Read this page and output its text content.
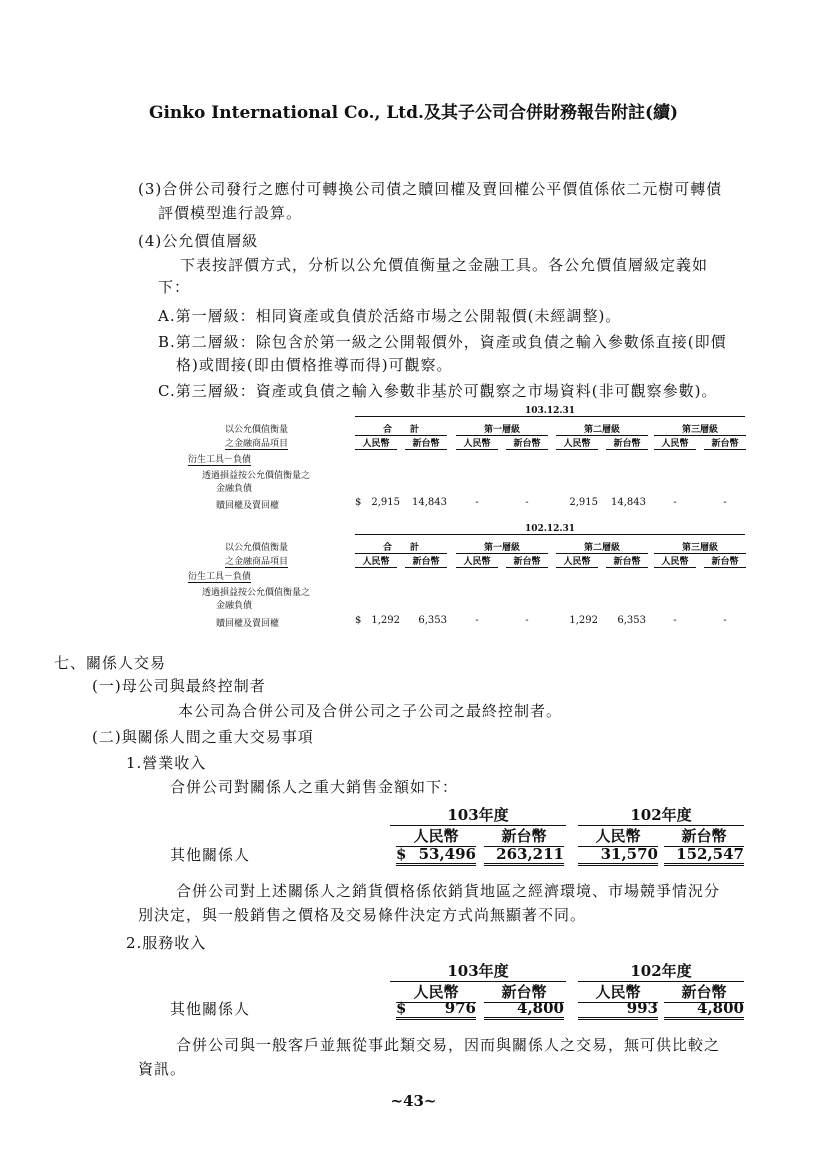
Ginko International Co., Ltd.及其子公司合併財務報告附註(續)
(3)合併公司發行之應付可轉換公司債之贖回權及賣回權公平價值係依二元樹可轉債
評價模型進行設算。
(4)公允價值層級
下表按評價方式，分析以公允價值衡量之金融工具。各公允價值層級定義如
下：
A.第一層級：相同資產或負債於活絡市場之公開報價(未經調整)。
B.第二層級：除包含於第一級之公開報價外，資產或負債之輸入參數係直接(即價
格)或間接(即由價格推導而得)可觀察。
C.第三層級：資產或負債之輸入參數非基於可觀察之市場資料(非可觀察參數)。
103.12.31
以公允價值衡量
之金融商品項目
合　　計	第一層級	第二層級	第三層級
人民幣	新台幣	人民幣	新台幣	人民幣	新台幣	人民幣	新台幣
衍生工具－負債
透過損益按公允價值衡量之
金融負債
贖回權及賣回權	$ 2,915	14,843	-	-	2,915	14,843	-	-
102.12.31
以公允價值衡量
之金融商品項目
合　　計	第一層級	第二層級	第三層級
人民幣	新台幣	人民幣	新台幣	人民幣	新台幣	人民幣	新台幣
衍生工具－負債
透過損益按公允價值衡量之
金融負債
贖回權及賣回權	$ 1,292	6,353	-	-	1,292	6,353	-	-
七、關係人交易
(一)母公司與最終控制者
本公司為合併公司及合併公司之子公司之最終控制者。
(二)與關係人間之重大交易事項
1.營業收入
合併公司對關係人之重大銷售金額如下：
103年度	102年度
人民幣	新台幣	人民幣	新台幣
其他關係人	$ 53,496	263,211	31,570	152,547
合併公司對上述關係人之銷貨價格係依銷貨地區之經濟環境、市場競爭情況分
別決定，與一般銷售之價格及交易條件決定方式尚無顯著不同。
2.服務收入
103年度	102年度
人民幣	新台幣	人民幣	新台幣
其他關係人	$	976	4,800	993	4,800
合併公司與一般客戶並無從事此類交易，因而與關係人之交易，無可供比較之
資訊。
~43~
